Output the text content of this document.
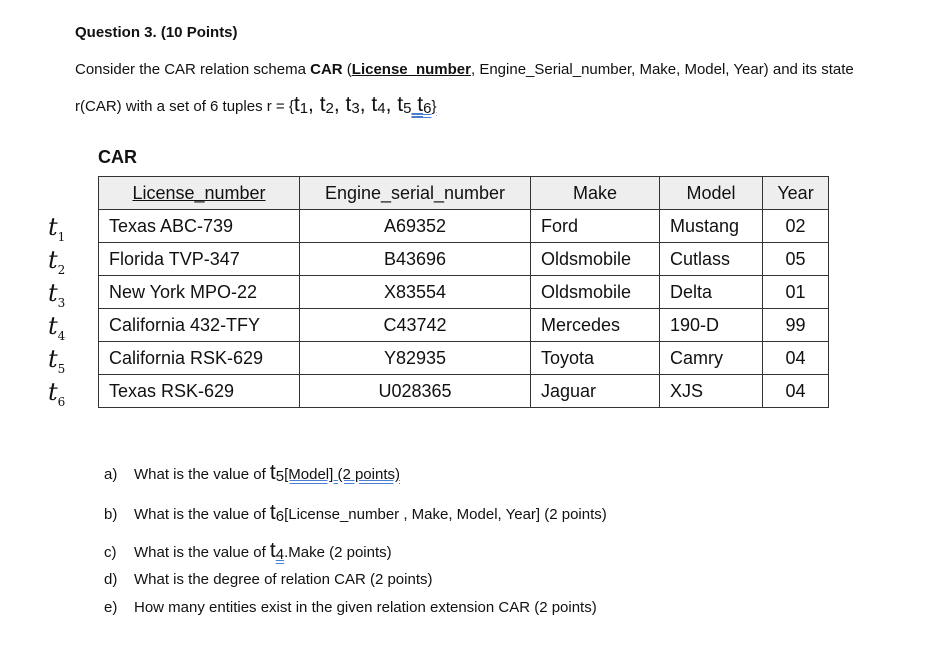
Question 3. (10 Points)
Consider the CAR relation schema CAR (License_number, Engine_Serial_number, Make, Model, Year) and its state
r(CAR) with a set of 6 tuples r = {t1, t2, t3, t4, t5 t6}
CAR
License_number	Engine_serial_number	Make	Model	Year
Texas ABC-739	A69352	Ford	Mustang	02
Florida TVP-347	B43696	Oldsmobile	Cutlass	05
New York MPO-22	X83554	Oldsmobile	Delta	01
California 432-TFY	C43742	Mercedes	190-D	99
California RSK-629	Y82935	Toyota	Camry	04
Texas RSK-629	U028365	Jaguar	XJS	04
$t_1$
$t_2$
$t_3$
$t_4$
$t_5$
$t_6$
a) What is the value of t5[Model] (2 points)
b) What is the value of t6[License_number , Make, Model, Year] (2 points)
c) What is the value of t4.Make (2 points)
d) What is the degree of relation CAR (2 points)
e) How many entities exist in the given relation extension CAR (2 points)
